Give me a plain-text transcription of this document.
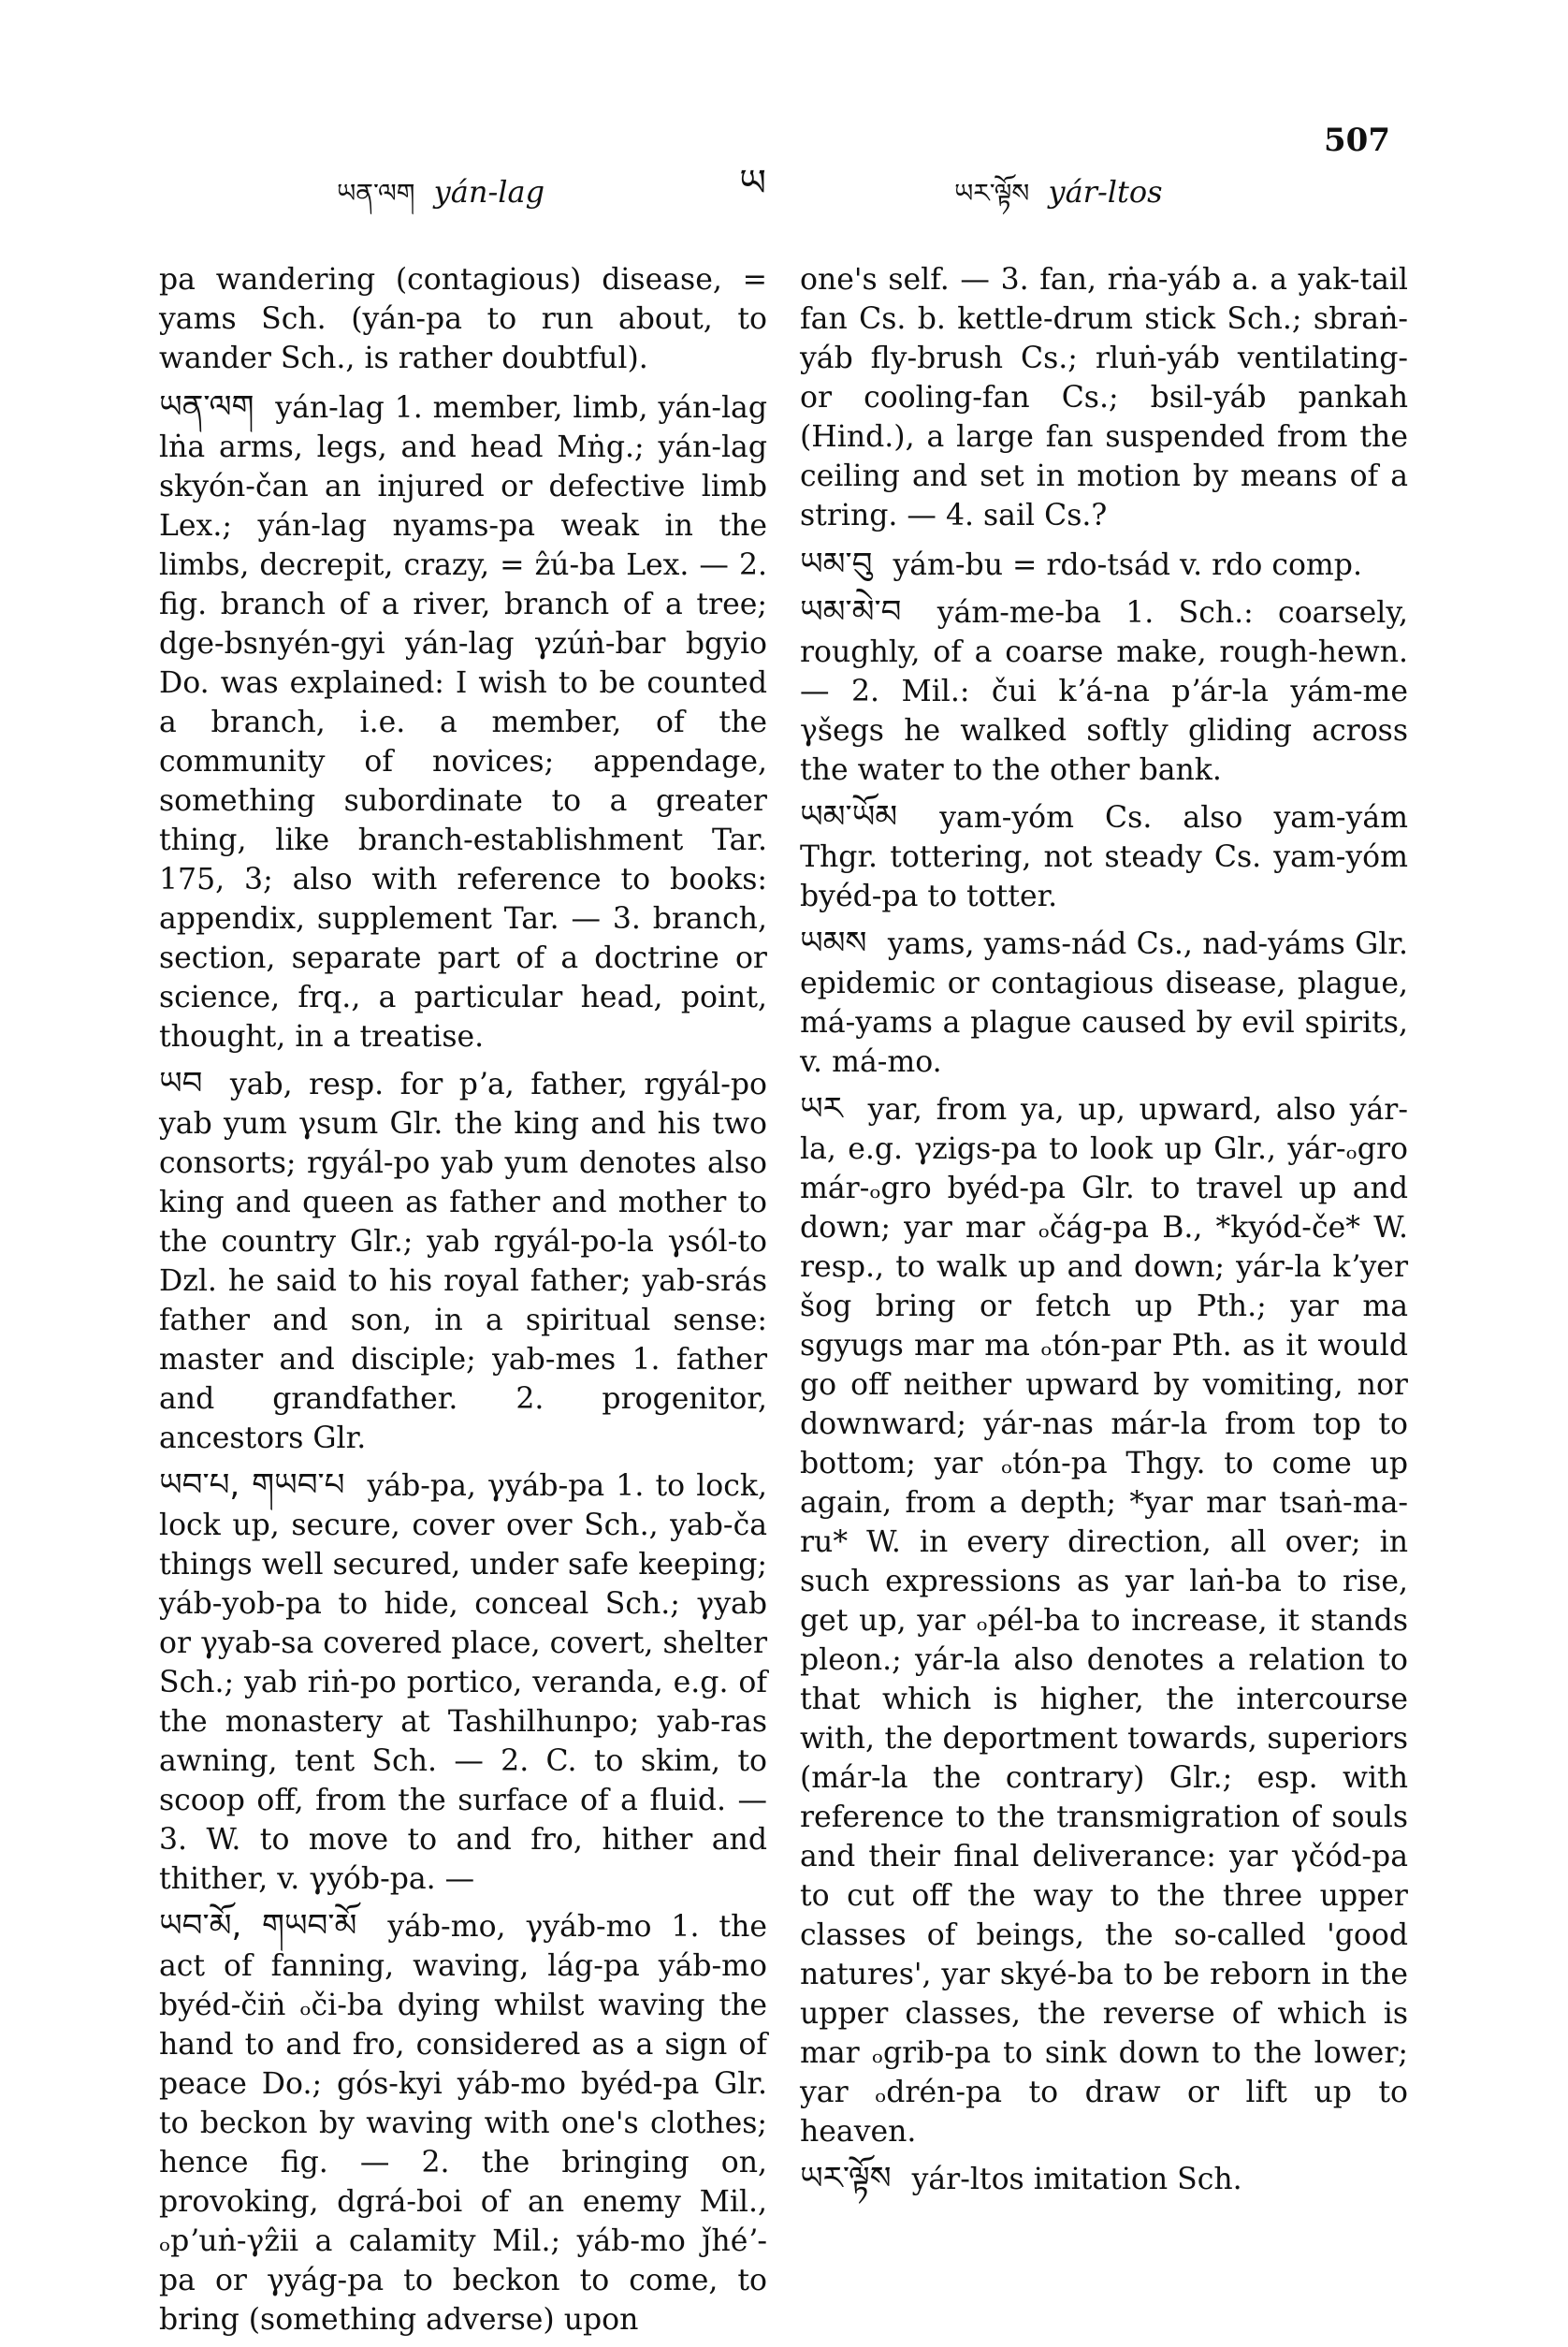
ཡན་ལག yán-lag	ཡ	ཡར་ལྟོས yár-ltos
507

pa wandering (contagious) disease, = yams Sch. (yán-pa to run about, to wander Sch., is rather doubtful).

ཡན་ལག yán-lag 1. member, limb, yán-lag lṅa arms, legs, and head Mṅg.; yán-lag skyón-čan an injured or defective limb Lex.; yán-lag nyams-pa weak in the limbs, decrepit, crazy, = ẑú-ba Lex. — 2. fig. branch of a river, branch of a tree; dge-bsnyén-gyi yán-lag γzúṅ-bar bgyio Do. was explained: I wish to be counted a branch, i.e. a member, of the community of novices; appendage, something subordinate to a greater thing, like branch-establishment Tar. 175, 3; also with reference to books: appendix, supplement Tar. — 3. branch, section, separate part of a doctrine or science, frq., a particular head, point, thought, in a treatise.

ཡབ yab, resp. for pʼa, father, rgyál-po yab yum γsum Glr. the king and his two consorts; rgyál-po yab yum denotes also king and queen as father and mother to the country Glr.; yab rgyál-po-la γsól-to Dzl. he said to his royal father; yab-srás father and son, in a spiritual sense: master and disciple; yab-mes 1. father and grandfather. 2. progenitor, ancestors Glr.

ཡབ་པ, གཡབ་པ yáb-pa, γyáb-pa 1. to lock, lock up, secure, cover over Sch., yab-ča things well secured, under safe keeping; yáb-yob-pa to hide, conceal Sch.; γyab or γyab-sa covered place, covert, shelter Sch.; yab riṅ-po portico, veranda, e.g. of the monastery at Tashilhunpo; yab-ras awning, tent Sch. — 2. C. to skim, to scoop off, from the surface of a fluid. — 3. W. to move to and fro, hither and thither, v. γyób-pa. —

ཡབ་མོ, གཡབ་མོ yáb-mo, γyáb-mo 1. the act of fanning, waving, lág-pa yáb-mo byéd-čiṅ ₒči-ba dying whilst waving the hand to and fro, considered as a sign of peace Do.; gós-kyi yáb-mo byéd-pa Glr. to beckon by waving with one's clothes; hence fig. — 2. the bringing on, provoking, dgrá-boi of an enemy Mil., ₒpʼuṅ-γẑii a calamity Mil.; yáb-mo ǰhéʼ-pa or γyág-pa to beckon to come, to bring (something adverse) upon

one's self. — 3. fan, rṅa-yáb a. a yak-tail fan Cs. b. kettle-drum stick Sch.; sbraṅ-yáb fly-brush Cs.; rluṅ-yáb ventilating- or cooling-fan Cs.; bsil-yáb pankah (Hind.), a large fan suspended from the ceiling and set in motion by means of a string. — 4. sail Cs.?

ཡམ་བུ yám-bu = rdo-tsád v. rdo comp.

ཡམ་མེ་བ yám-me-ba 1. Sch.: coarsely, roughly, of a coarse make, rough-hewn. — 2. Mil.: čui kʼá-na pʼár-la yám-me γšegs he walked softly gliding across the water to the other bank.

ཡམ་ཡོམ yam-yóm Cs. also yam-yám Thgr. tottering, not steady Cs. yam-yóm byéd-pa to totter.

ཡམས yams, yams-nád Cs., nad-yáms Glr. epidemic or contagious disease, plague, má-yams a plague caused by evil spirits, v. má-mo.

ཡར yar, from ya, up, upward, also yár-la, e.g. γzigs-pa to look up Glr., yár-ₒgro már-ₒgro byéd-pa Glr. to travel up and down; yar mar ₒčág-pa B., *kyód-če* W. resp., to walk up and down; yár-la kʼyer šog bring or fetch up Pth.; yar ma sgyugs mar ma ₒtón-par Pth. as it would go off neither upward by vomiting, nor downward; yár-nas már-la from top to bottom; yar ₒtón-pa Thgy. to come up again, from a depth; *yar mar tsaṅ-ma-ru* W. in every direction, all over; in such expressions as yar laṅ-ba to rise, get up, yar ₒpél-ba to increase, it stands pleon.; yár-la also denotes a relation to that which is higher, the intercourse with, the deportment towards, superiors (már-la the contrary) Glr.; esp. with reference to the transmigration of souls and their final deliverance: yar γčód-pa to cut off the way to the three upper classes of beings, the so-called 'good natures', yar skyé-ba to be reborn in the upper classes, the reverse of which is mar ₒgrib-pa to sink down to the lower; yar ₒdrén-pa to draw or lift up to heaven.

ཡར་ལྟོས yár-ltos imitation Sch.
